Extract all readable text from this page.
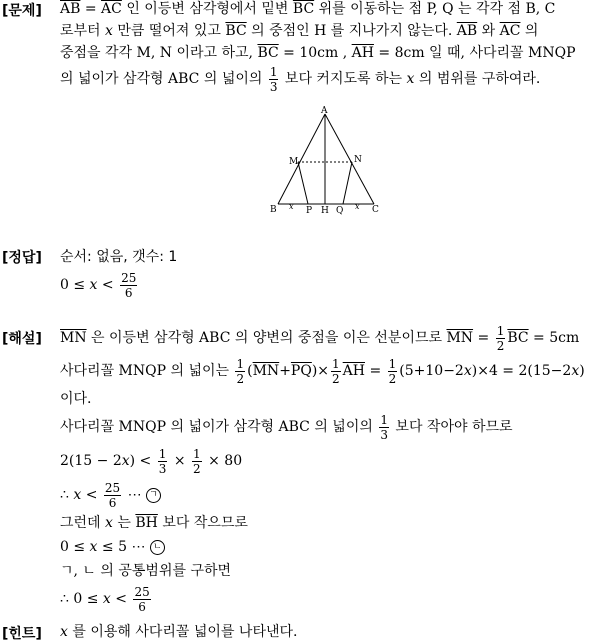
[문제] $\overline{AB} = \overline{AC}$ 인 이등변 삼각형에서 밑변 $\overline{BC}$ 위를 이동하는 점 P, Q 는 각각 점 B, C
로부터 x 만큼 떨어져 있고 $\overline{BC}$ 의 중점인 H 를 지나가지 않는다. $\overline{AB}$ 와 $\overline{AC}$ 의
중점을 각각 M, N 이라고 하고, $\overline{BC} = 10cm$ , $\overline{AH} = 8cm$ 일 때, 사다리꼴 MNQP
의 넓이가 삼각형 ABC 의 넓이의 $\frac{1}{3}$ 보다 커지도록 하는 x 의 범위를 구하여라.
A
M	N
B	P H Q	C
x	x
[정답] 순서: 없음, 갯수: 1
$0 \le x < \frac{25}{6}$
[해설] $\overline{MN}$ 은 이등변 삼각형 ABC 의 양변의 중점을 이은 선분이므로 $\overline{MN} = \frac{1}{2} \overline{BC} = 5cm$
사다리꼴 MNQP 의 넓이는 $\frac{1}{2} (\overline{MN}+\overline{PQ})\times \frac{1}{2} \overline{AH} = \frac{1}{2} (5+10-2x)\times 4 = 2(15-2x)$
이다.
사다리꼴 MNQP 의 넓이가 삼각형 ABC 의 넓이의 $\frac{1}{3}$ 보다 작아야 하므로
$2(15 - 2x) < \frac{1}{3} \times \frac{1}{2} \times 80$
∴ $x < \frac{25}{6}$ ⋯ ㄱ
그런데 x 는 $\overline{BH}$ 보다 작으므로
0 ≤ x ≤ 5 ⋯ ㄴ
ㄱ, ㄴ 의 공통범위를 구하면
∴ $0 \le x < \frac{25}{6}$
[힌트] x 를 이용해 사다리꼴 넓이를 나타낸다.
